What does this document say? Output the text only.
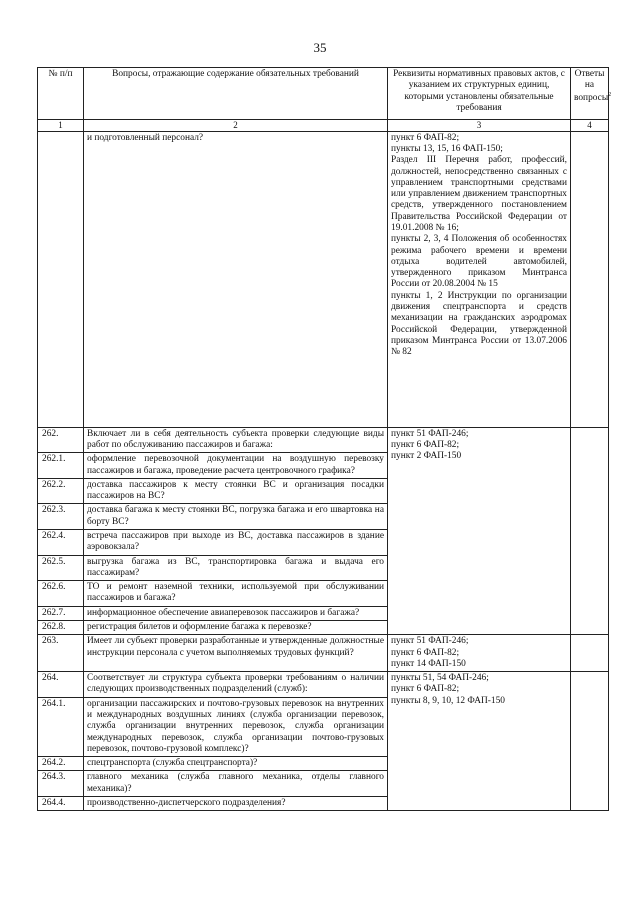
35
№ п/п	Вопросы, отражающие содержание обязательных требований	Реквизиты нормативных правовых актов, с указанием их структурных единиц, которыми установлены обязательные требования	Ответы на вопросы$^2$
1	2	3	4
	и подготовленный персонал?	пункт 6 ФАП-82;
пункты 13, 15, 16 ФАП-150;
Раздел III Перечня работ, профессий, должностей, непосредственно связанных с управлением транспортными средствами или управлением движением транспортных средств, утвержденного постановлением Правительства Российской Федерации от 19.01.2008 № 16;
пункты 2, 3, 4 Положения об особенностях режима рабочего времени и времени отдыха водителей автомобилей, утвержденного приказом Минтранса России от 20.08.2004 № 15
пункты 1, 2 Инструкции по организации движения спецтранспорта и средств механизации на гражданских аэродромах Российской Федерации, утвержденной приказом Минтранса России от 13.07.2006 № 82	

262.	Включает ли в себя деятельность субъекта проверки следующие виды работ по обслуживанию пассажиров и багажа:	пункт 51 ФАП-246;
пункт 6 ФАП-82;
пункт 2 ФАП-150	

262.1.	оформление перевозочной документации на воздушную перевозку пассажиров и багажа, проведение расчета центровочного графика?		
262.2.	доставка пассажиров к месту стоянки ВС и организация посадки пассажиров на ВС?		
262.3.	доставка багажа к месту стоянки ВС, погрузка багажа и его швартовка на борту ВС?		
262.4.	встреча пассажиров при выходе из ВС, доставка пассажиров в здание аэровокзала?		
262.5.	выгрузка багажа из ВС, транспортировка багажа и выдача его пассажирам?		
262.6.	ТО и ремонт наземной техники, используемой при обслуживании пассажиров и багажа?		
262.7.	информационное обеспечение авиаперевозок пассажиров и багажа?		
262.8.	регистрация билетов и оформление багажа к перевозке?		
263.	Имеет ли субъект проверки разработанные и утвержденные должностные инструкции персонала с учетом выполняемых трудовых функций?	пункт 51 ФАП-246;
пункт 6 ФАП-82;
пункт 14 ФАП-150	

264.	Соответствует ли структура субъекта проверки требованиям о наличии следующих производственных подразделений (служб):	пункты 51, 54 ФАП-246;
пункт 6 ФАП-82;
пункты 8, 9, 10, 12 ФАП-150	

264.1.	организации пассажирских и почтово-грузовых перевозок на внутренних и международных воздушных линиях (служба организации перевозок, служба организации внутренних перевозок, служба организации международных перевозок, служба организации почтово-грузовых перевозок, почтово-грузовой комплекс)?		
264.2.	спецтранспорта (служба спецтранспорта)?		
264.3.	главного механика (служба главного механика, отделы главного механика)?		
264.4.	производственно-диспетчерского подразделения?		
